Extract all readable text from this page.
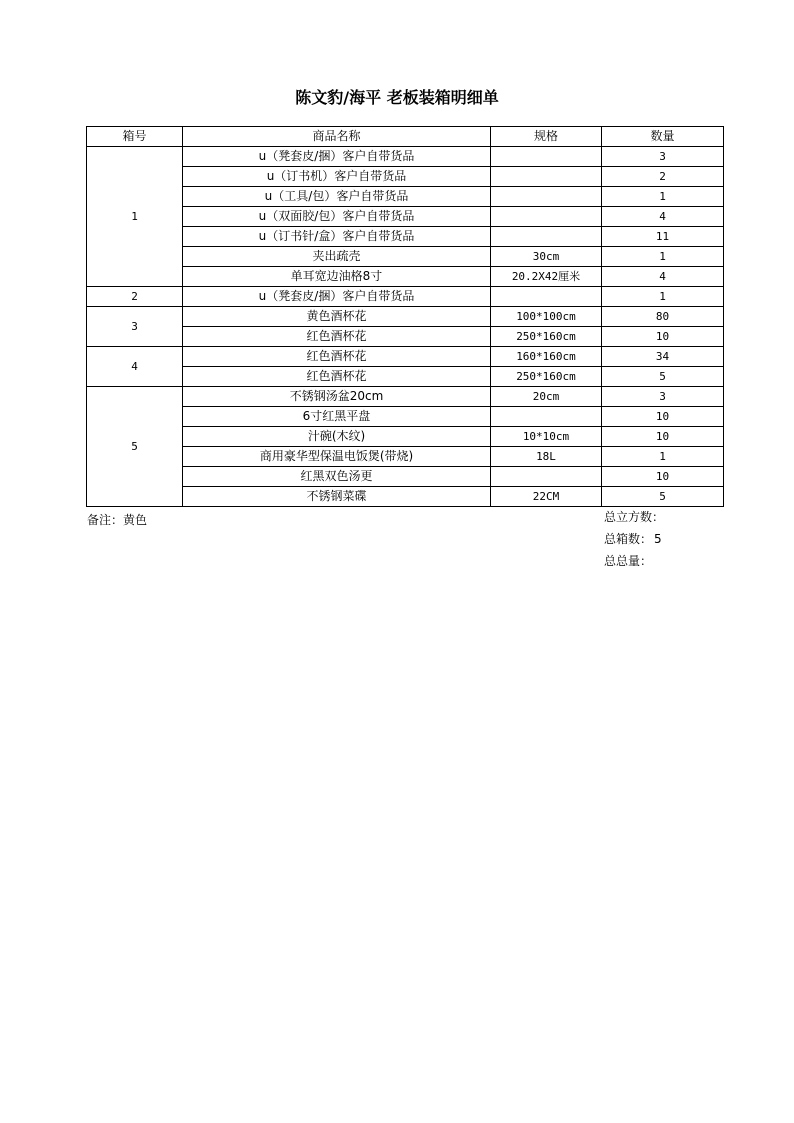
陈文豹/海平 老板装箱明细单
箱号	商品名称	规格	数量
1	u（凳套皮/捆）客户自带货品		3
	u（订书机）客户自带货品		2
	u（工具/包）客户自带货品		1
	u（双面胶/包）客户自带货品		4
	u（订书针/盒）客户自带货品		11
	夹出疏壳	30cm	1
	单耳宽边油格8寸	20.2X42厘米	4
2	u（凳套皮/捆）客户自带货品		1
3	黄色酒杯花	100*100cm	80
	红色酒杯花	250*160cm	10
4	红色酒杯花	160*160cm	34
	红色酒杯花	250*160cm	5
5	不锈钢汤盆20cm	20cm	3
	6寸红黑平盘		10
	汁碗(木纹)	10*10cm	10
	商用豪华型保温电饭煲(带烧)	18L	1
	红黑双色汤更		10
	不锈钢菜碟	22CM	5
备注：黄色	总立方数：
总箱数： 5
总总量：
